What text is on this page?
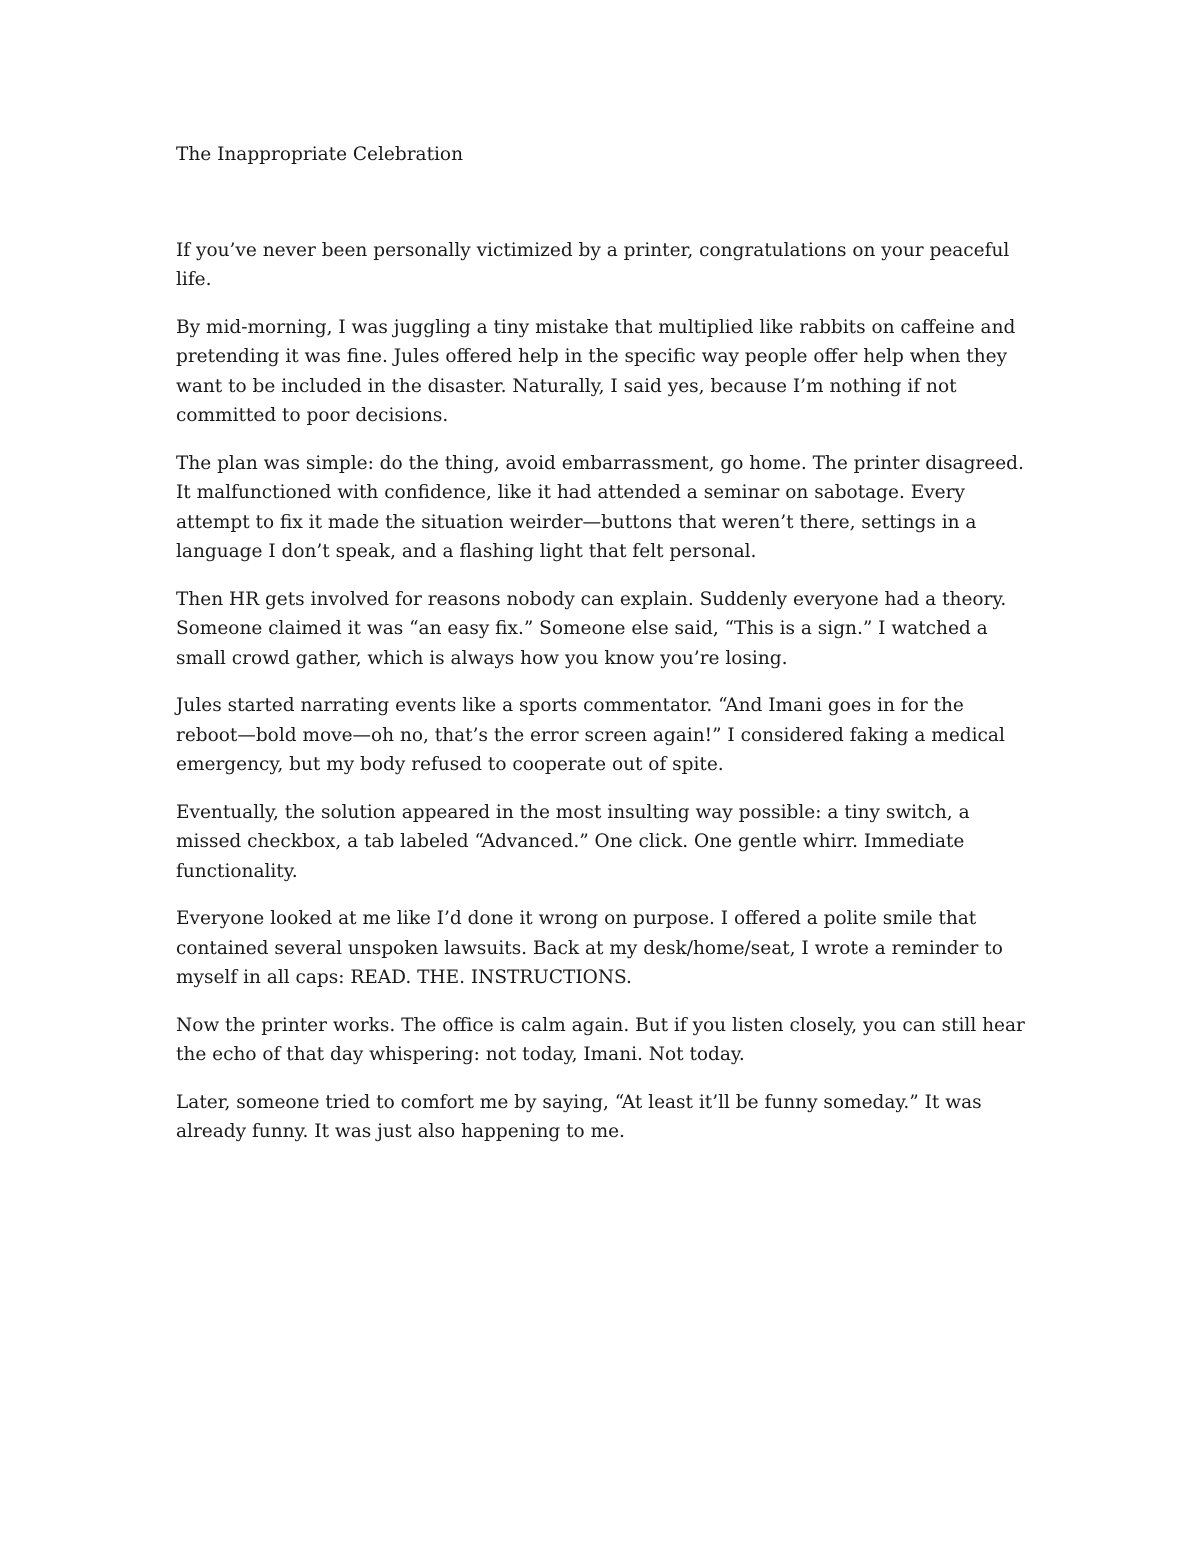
The Inappropriate Celebration

If you’ve never been personally victimized by a printer, congratulations on your peaceful life.

By mid-morning, I was juggling a tiny mistake that multiplied like rabbits on caffeine and pretending it was fine. Jules offered help in the specific way people offer help when they want to be included in the disaster. Naturally, I said yes, because I’m nothing if not committed to poor decisions.

The plan was simple: do the thing, avoid embarrassment, go home. The printer disagreed. It malfunctioned with confidence, like it had attended a seminar on sabotage. Every attempt to fix it made the situation weirder—buttons that weren’t there, settings in a language I don’t speak, and a flashing light that felt personal.

Then HR gets involved for reasons nobody can explain. Suddenly everyone had a theory. Someone claimed it was “an easy fix.” Someone else said, “This is a sign.” I watched a small crowd gather, which is always how you know you’re losing.

Jules started narrating events like a sports commentator. “And Imani goes in for the reboot—bold move—oh no, that’s the error screen again!” I considered faking a medical emergency, but my body refused to cooperate out of spite.

Eventually, the solution appeared in the most insulting way possible: a tiny switch, a missed checkbox, a tab labeled “Advanced.” One click. One gentle whirr. Immediate functionality.

Everyone looked at me like I’d done it wrong on purpose. I offered a polite smile that contained several unspoken lawsuits. Back at my desk/home/seat, I wrote a reminder to myself in all caps: READ. THE. INSTRUCTIONS.

Now the printer works. The office is calm again. But if you listen closely, you can still hear the echo of that day whispering: not today, Imani. Not today.

Later, someone tried to comfort me by saying, “At least it’ll be funny someday.” It was already funny. It was just also happening to me.
